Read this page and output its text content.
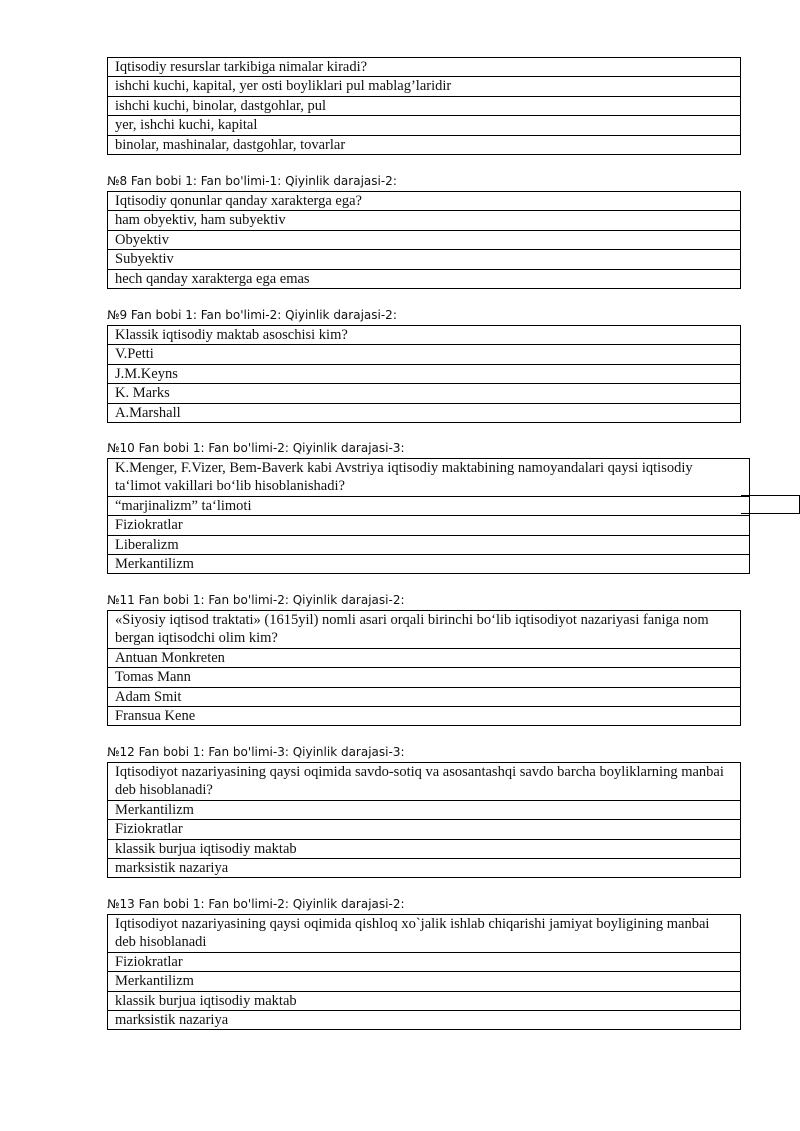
Iqtisodiy resurslar tarkibiga nimalar kiradi?
ishchi kuchi, kapital, yer osti boyliklari pul mablag’laridir
ishchi kuchi, binolar, dastgohlar, pul
yer, ishchi kuchi, kapital
binolar, mashinalar, dastgohlar, tovarlar
№8 Fan bobi 1: Fan bo'limi-1: Qiyinlik darajasi-2:
Iqtisodiy qonunlar qanday xarakterga ega?
ham obyektiv, ham subyektiv
Obyektiv
Subyektiv
hech qanday xarakterga ega emas
№9 Fan bobi 1: Fan bo'limi-2: Qiyinlik darajasi-2:
Klassik iqtisodiy maktab asoschisi kim?
V.Petti
J.M.Keyns
K. Marks
A.Marshall
№10 Fan bobi 1: Fan bo'limi-2: Qiyinlik darajasi-3:
K.Menger, F.Vizer, Bem-Baverk kabi Avstriya iqtisodiy maktabining namoyandalari qaysi iqtisodiy ta‘limot vakillari bo‘lib hisoblanishadi?
“marjinalizm” ta‘limoti
Fiziokratlar
Liberalizm
Merkantilizm
№11 Fan bobi 1: Fan bo'limi-2: Qiyinlik darajasi-2:
«Siyosiy iqtisod traktati» (1615yil) nomli asari orqali birinchi bo‘lib iqtisodiyot nazariyasi faniga nom bergan iqtisodchi olim kim?
Antuan Monkreten
Tomas Mann
Adam Smit
Fransua Kene
№12 Fan bobi 1: Fan bo'limi-3: Qiyinlik darajasi-3:
Iqtisodiyot nazariyasining qaysi oqimida savdo-sotiq va asosantashqi savdo barcha boyliklarning manbai deb hisoblanadi?
Merkantilizm
Fiziokratlar
klassik burjua iqtisodiy maktab
marksistik nazariya
№13 Fan bobi 1: Fan bo'limi-2: Qiyinlik darajasi-2:
Iqtisodiyot nazariyasining qaysi oqimida qishloq xo`jalik ishlab chiqarishi jamiyat boyligining manbai deb hisoblanadi
Fiziokratlar
Merkantilizm
klassik burjua iqtisodiy maktab
marksistik nazariya
